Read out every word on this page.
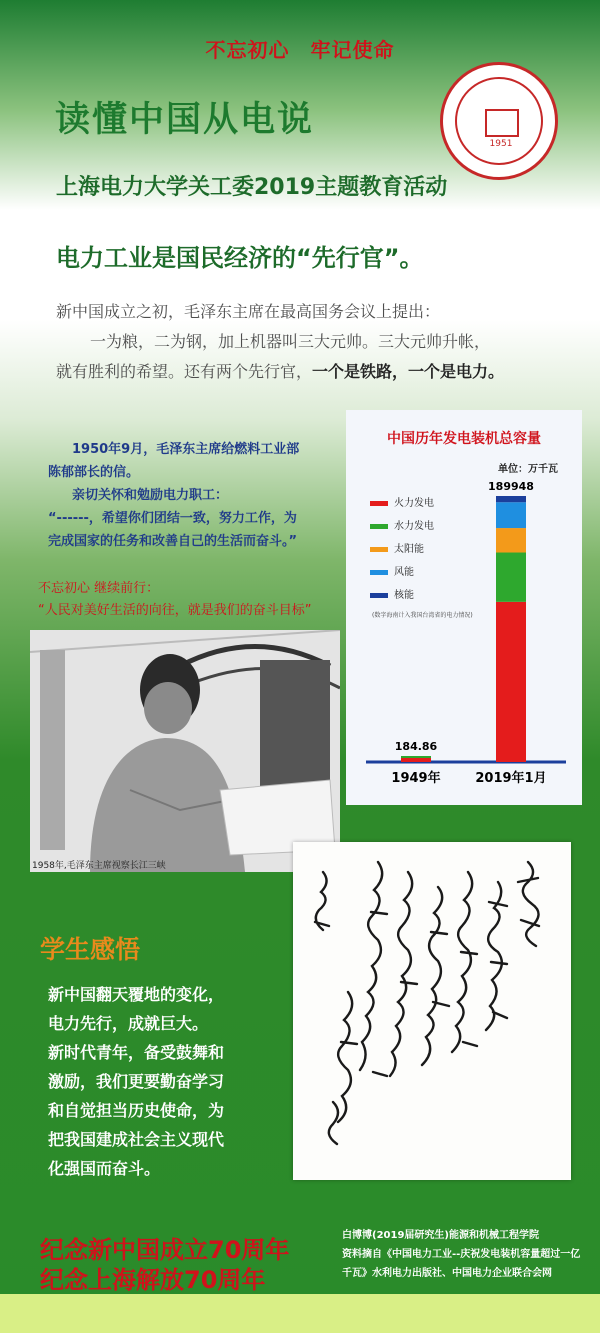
不忘初心　牢记使命
1951
读懂中国从电说
上海电力大学关工委2019主题教育活动
电力工业是国民经济的“先行官”。
新中国成立之初，毛泽东主席在最高国务会议上提出：
一为粮，二为钢，加上机器叫三大元帅。三大元帅升帐，
就有胜利的希望。还有两个先行官，一个是铁路，一个是电力。
1950年9月，毛泽东主席给燃料工业部
陈郁部长的信。
亲切关怀和勉励电力职工：
“------，希望你们团结一致，努力工作，为
完成国家的任务和改善自己的生活而奋斗。”
不忘初心 继续前行：
“人民对美好生活的向往，就是我们的奋斗目标”
1958年,毛泽东主席视察长江三峡
中国历年发电装机总容量
单位：万千瓦
火力发电
水力发电
太阳能
风能
核能
(数字海南计入我国台湾省的电力情况)
184.86
1949年
189948
2019年1月
学生感悟
新中国翻天覆地的变化，
电力先行，成就巨大。
新时代青年，备受鼓舞和
激励，我们更要勤奋学习
和自觉担当历史使命，为
把我国建成社会主义现代
化强国而奋斗。
纪念新中国成立70周年
纪念上海解放70周年
白博博(2019届研究生)能源和机械工程学院
资料摘自《中国电力工业--庆祝发电装机容量超过一亿
千瓦》水利电力出版社、中国电力企业联合会网
